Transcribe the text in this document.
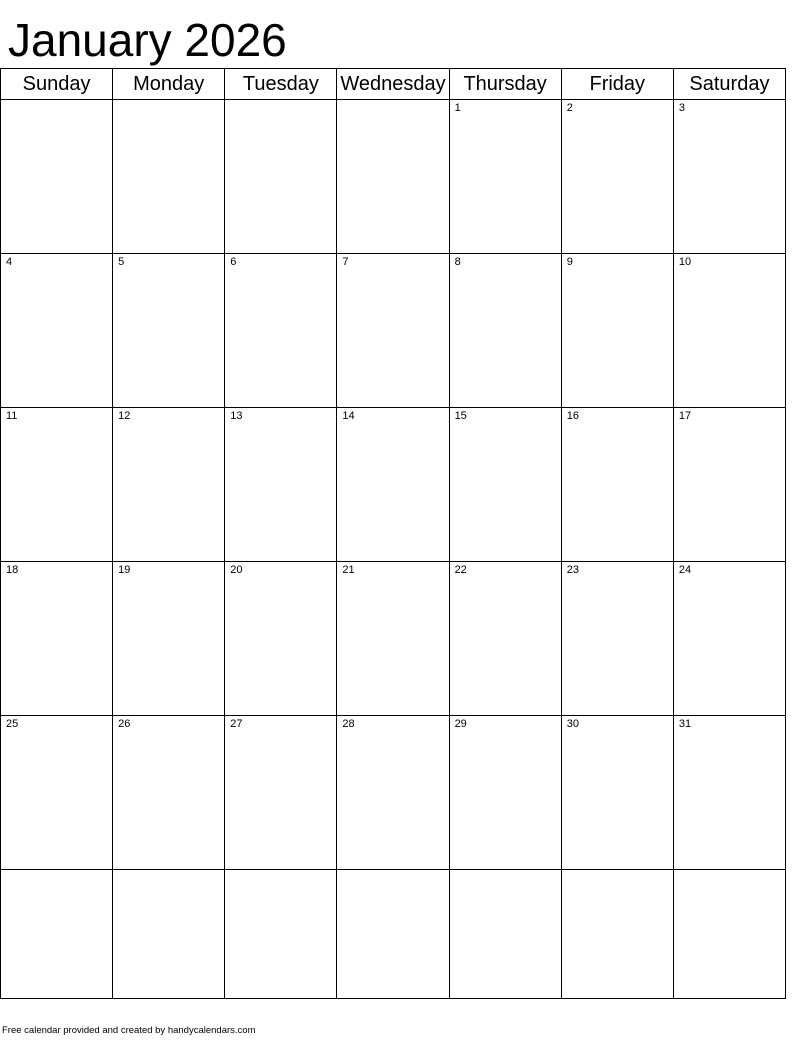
January 2026
Sunday	Monday	Tuesday	Wednesday	Thursday	Friday	Saturday

				1	2	3

4	5	6	7	8	9	10

11	12	13	14	15	16	17

18	19	20	21	22	23	24

25	26	27	28	29	30	31

Free calendar provided and created by handycalendars.com
